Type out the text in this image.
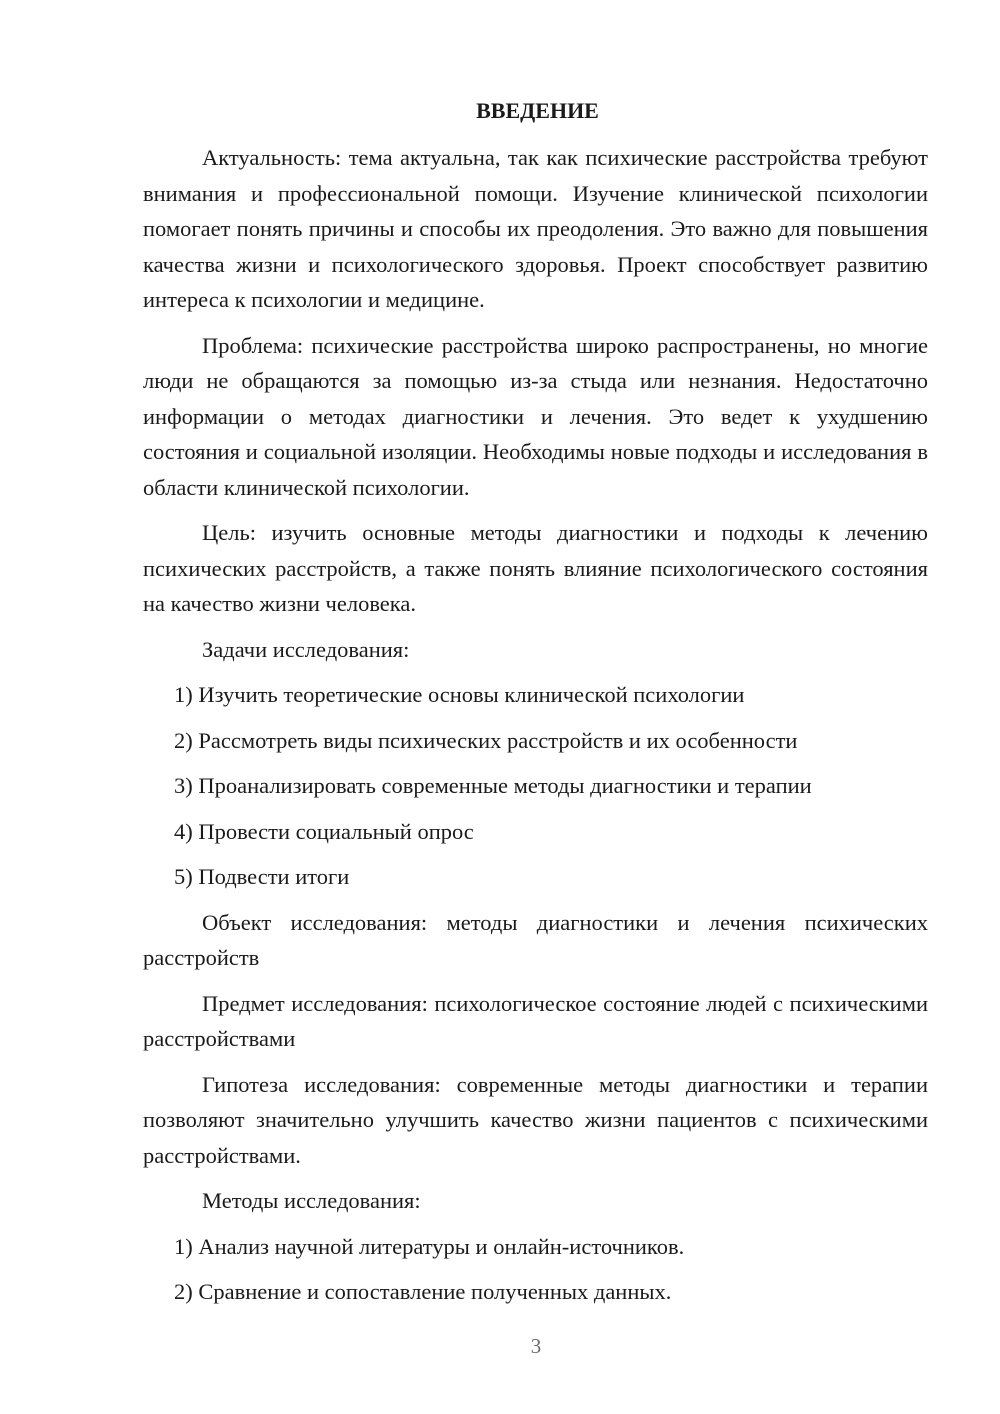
ВВЕДЕНИЕ

Актуальность: тема актуальна, так как психические расстройства требуют внимания и профессиональной помощи. Изучение клинической психологии помогает понять причины и способы их преодоления. Это важно для повышения качества жизни и психологического здоровья. Проект способствует развитию интереса к психологии и медицине.

Проблема: психические расстройства широко распространены, но многие люди не обращаются за помощью из-за стыда или незнания. Недостаточно информации о методах диагностики и лечения. Это ведет к ухудшению состояния и социальной изоляции. Необходимы новые подходы и исследования в области клинической психологии.

Цель: изучить основные методы диагностики и подходы к лечению психических расстройств, а также понять влияние психологического состояния на качество жизни человека.

Задачи исследования:

1) Изучить теоретические основы клинической психологии

2) Рассмотреть виды психических расстройств и их особенности

3) Проанализировать современные методы диагностики и терапии

4) Провести социальный опрос

5) Подвести итоги

Объект исследования: методы диагностики и лечения психических расстройств

Предмет исследования: психологическое состояние людей с психическими расстройствами

Гипотеза исследования: современные методы диагностики и терапии позволяют значительно улучшить качество жизни пациентов с психическими расстройствами.

Методы исследования:

1) Анализ научной литературы и онлайн-источников.

2) Сравнение и сопоставление полученных данных.

3
